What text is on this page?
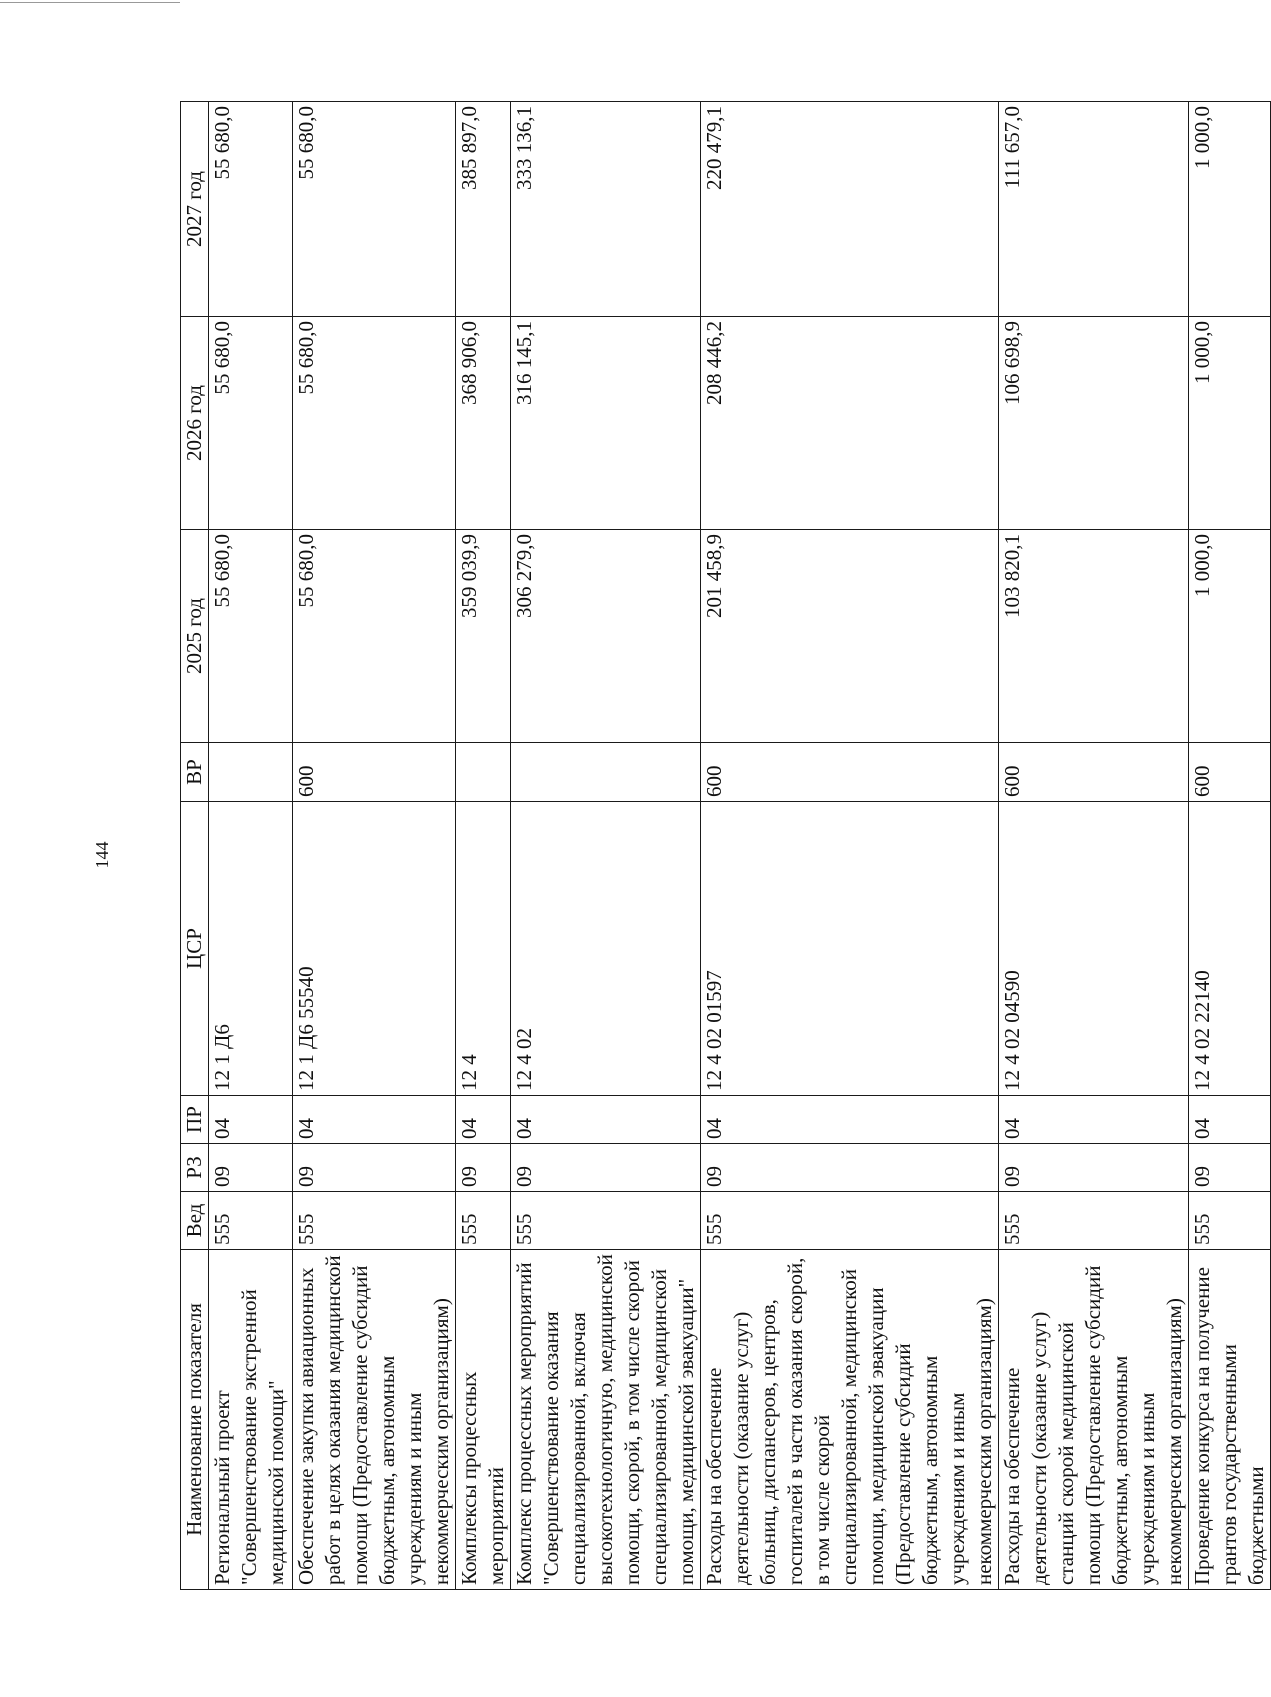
144
Наименование показателя	Вед	РЗ	ПР	ЦСР	ВР	2025 год	2026 год	2027 год
Региональный проект "Совершенствование экстренной медицинской помощи"	555	09	04	12 1 Д6		55 680,0	55 680,0	55 680,0
Обеспечение закупки авиационных работ в целях оказания медицинской помощи (Предоставление субсидий бюджетным, автономным учреждениям и иным некоммерческим организациям)	555	09	04	12 1 Д6 55540	600	55 680,0	55 680,0	55 680,0
Комплексы процессных мероприятий	555	09	04	12 4		359 039,9	368 906,0	385 897,0
Комплекс процессных мероприятий "Совершенствование оказания специализированной, включая высокотехнологичную, медицинской помощи, скорой, в том числе скорой специализированной, медицинской помощи, медицинской эвакуации"	555	09	04	12 4 02		306 279,0	316 145,1	333 136,1
Расходы на обеспечение деятельности (оказание услуг) больниц, диспансеров, центров, госпиталей в части оказания скорой, в том числе скорой специализированной, медицинской помощи, медицинской эвакуации (Предоставление субсидий бюджетным, автономным учреждениям и иным некоммерческим организациям)	555	09	04	12 4 02 01597	600	201 458,9	208 446,2	220 479,1
Расходы на обеспечение деятельности (оказание услуг) станций скорой медицинской помощи (Предоставление субсидий бюджетным, автономным учреждениям и иным некоммерческим организациям)	555	09	04	12 4 02 04590	600	103 820,1	106 698,9	111 657,0
Проведение конкурса на получение грантов государственными бюджетными	555	09	04	12 4 02 22140	600	1 000,0	1 000,0	1 000,0
